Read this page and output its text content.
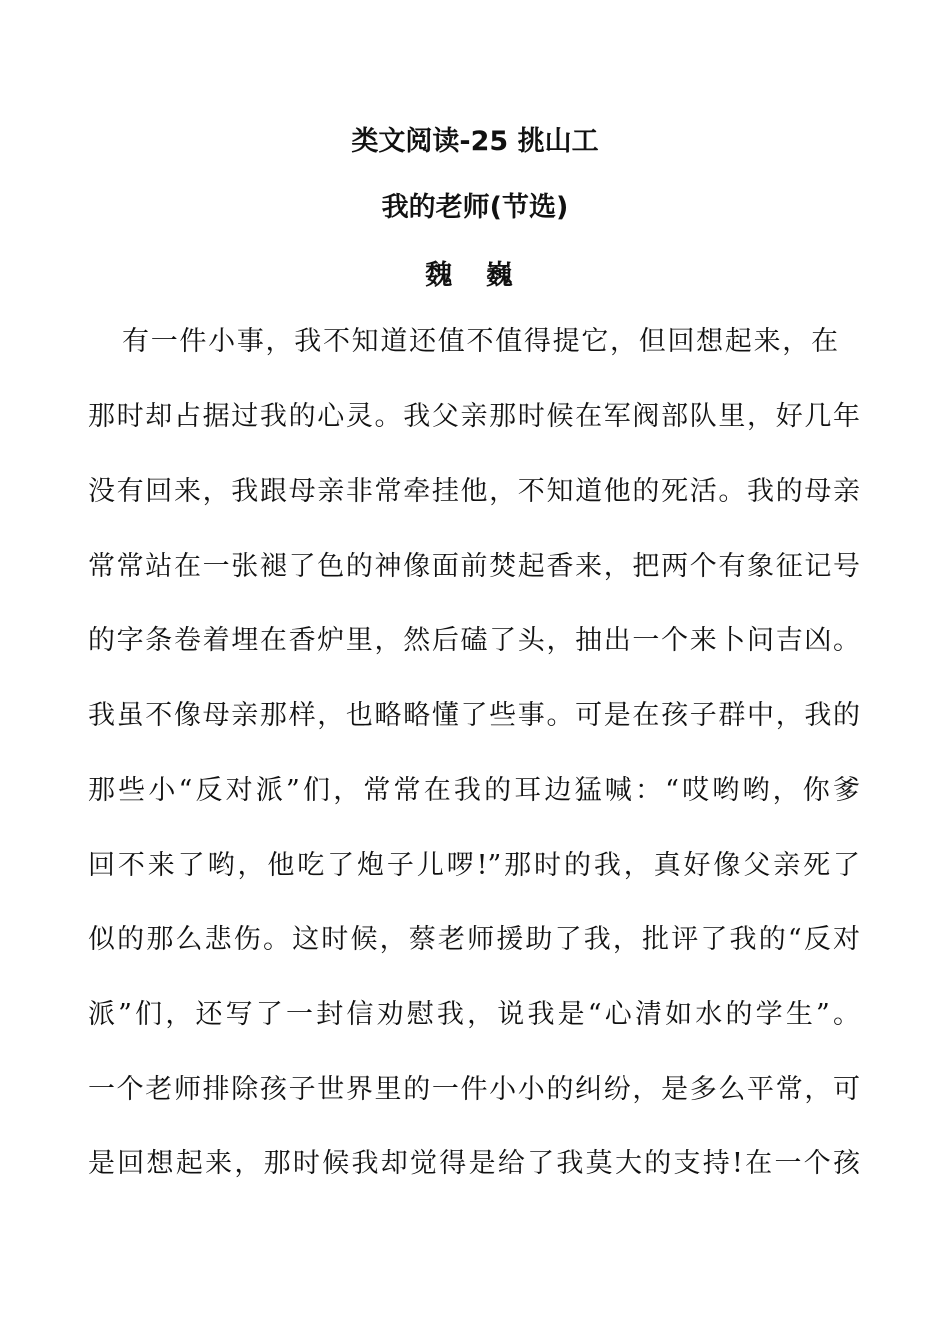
类文阅读-25 挑山工
我的老师(节选)
魏 巍

有一件小事，我不知道还值不值得提它，但回想起来，在

那时却占据过我的心灵。我父亲那时候在军阀部队里，好几年

没有回来，我跟母亲非常牵挂他，不知道他的死活。我的母亲

常常站在一张褪了色的神像面前焚起香来，把两个有象征记号

的字条卷着埋在香炉里，然后磕了头，抽出一个来卜问吉凶。

我虽不像母亲那样，也略略懂了些事。可是在孩子群中，我的

那些小“反对派”们，常常在我的耳边猛喊：“哎哟哟，你爹

回不来了哟，他吃了炮子儿啰!”那时的我，真好像父亲死了

似的那么悲伤。这时候，蔡老师援助了我，批评了我的“反对

派”们，还写了一封信劝慰我，说我是“心清如水的学生”。

一个老师排除孩子世界里的一件小小的纠纷，是多么平常，可

是回想起来，那时候我却觉得是给了我莫大的支持!在一个孩
